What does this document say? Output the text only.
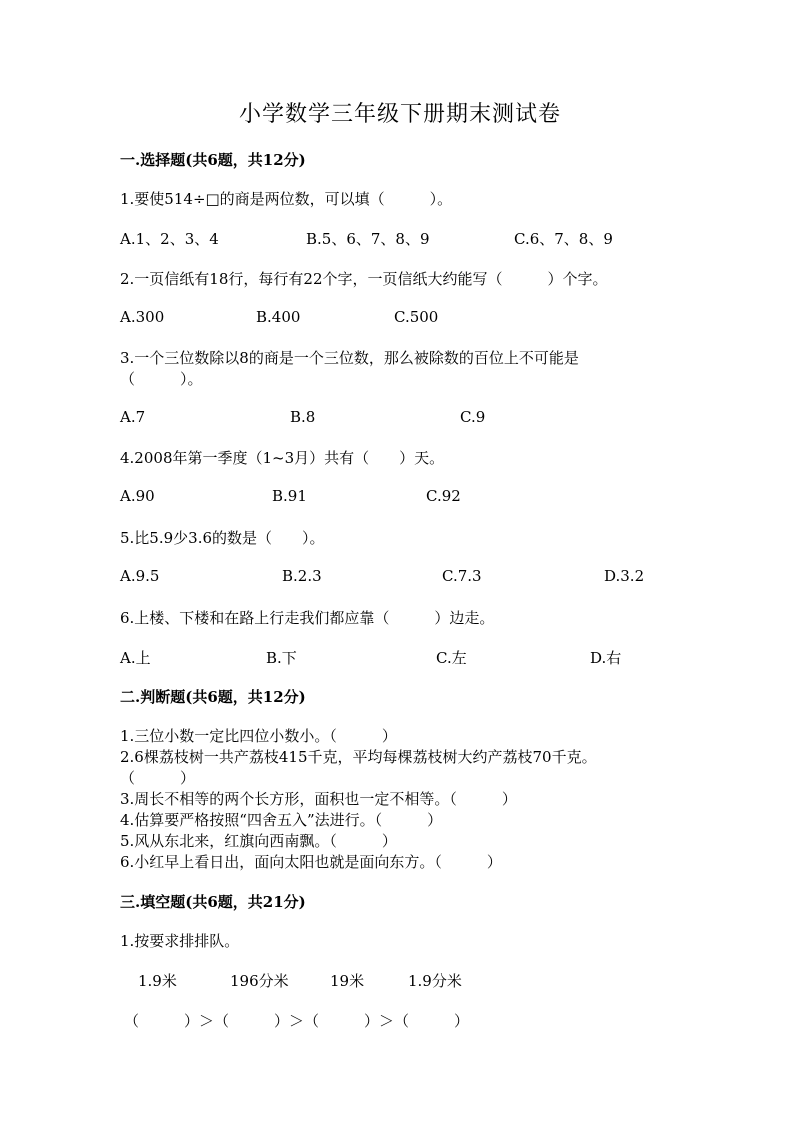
小学数学三年级下册期末测试卷
一.选择题(共6题，共12分)
1.要使514÷□的商是两位数，可以填（　　　）。
A.1、2、3、4	B.5、6、7、8、9	C.6、7、8、9
2.一页信纸有18行，每行有22个字，一页信纸大约能写（　　　）个字。
A.300	B.400	C.500
3.一个三位数除以8的商是一个三位数，那么被除数的百位上不可能是
（　　　）。
A.7	B.8	C.9
4.2008年第一季度（1~3月）共有（　　）天。
A.90	B.91	C.92
5.比5.9少3.6的数是（　　）。
A.9.5	B.2.3	C.7.3	D.3.2
6.上楼、下楼和在路上行走我们都应靠（　　　）边走。
A.上	B.下	C.左	D.右
二.判断题(共6题，共12分)
1.三位小数一定比四位小数小。（　　　）
2.6棵荔枝树一共产荔枝415千克，平均每棵荔枝树大约产荔枝70千克。
（　　　）
3.周长不相等的两个长方形，面积也一定不相等。（　　　）
4.估算要严格按照“四舍五入”法进行。（　　　）
5.风从东北来，红旗向西南飘。（　　　）
6.小红早上看日出，面向太阳也就是面向东方。（　　　）
三.填空题(共6题，共21分)
1.按要求排排队。
1.9米	196分米	19米	1.9分米
（　　　）＞（　　　）＞（　　　）＞（　　　）
